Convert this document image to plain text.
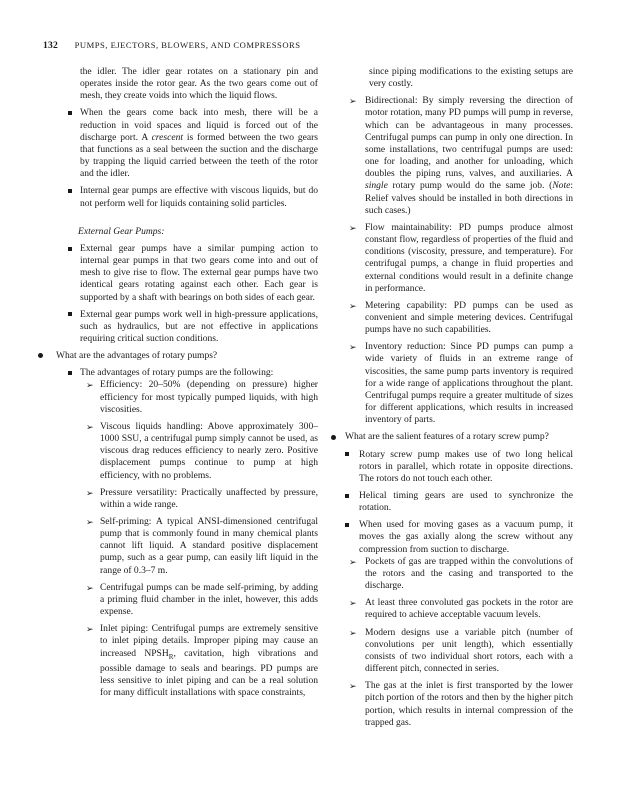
132 PUMPS, EJECTORS, BLOWERS, AND COMPRESSORS

the idler. The idler gear rotates on a stationary pin and operates inside the rotor gear. As the two gears come out of mesh, they create voids into which the liquid flows.

When the gears come back into mesh, there will be a reduction in void spaces and liquid is forced out of the discharge port. A crescent is formed between the two gears that functions as a seal between the suction and the discharge by trapping the liquid carried between the teeth of the rotor and the idler.
Internal gear pumps are effective with viscous liquids, but do not perform well for liquids containing solid particles.

External Gear Pumps:

External gear pumps have a similar pumping action to internal gear pumps in that two gears come into and out of mesh to give rise to flow. The external gear pumps have two identical gears rotating against each other. Each gear is supported by a shaft with bearings on both sides of each gear.
External gear pumps work well in high-pressure applications, such as hydraulics, but are not effective in applications requiring critical suction conditions.
What are the advantages of rotary pumps?
The advantages of rotary pumps are the following:
➢ Efficiency: 20–50% (depending on pressure) higher efficiency for most typically pumped liquids, with high viscosities.
➢ Viscous liquids handling: Above approximately 300–1000 SSU, a centrifugal pump simply cannot be used, as viscous drag reduces efficiency to nearly zero. Positive displacement pumps continue to pump at high efficiency, with no problems.
➢ Pressure versatility: Practically unaffected by pressure, within a wide range.
➢ Self-priming: A typical ANSI-dimensioned centrifugal pump that is commonly found in many chemical plants cannot lift liquid. A standard positive displacement pump, such as a gear pump, can easily lift liquid in the range of 0.3–7 m.
➢ Centrifugal pumps can be made self-priming, by adding a priming fluid chamber in the inlet, however, this adds expense.
➢ Inlet piping: Centrifugal pumps are extremely sensitive to inlet piping details. Improper piping may cause an increased $NPSH_R$, cavitation, high vibrations and possible damage to seals and bearings. PD pumps are less sensitive to inlet piping and can be a real solution for many difficult installations with space constraints,

since piping modifications to the existing setups are very costly.

➢ Bidirectional: By simply reversing the direction of motor rotation, many PD pumps will pump in reverse, which can be advantageous in many processes. Centrifugal pumps can pump in only one direction. In some installations, two centrifugal pumps are used: one for loading, and another for unloading, which doubles the piping runs, valves, and auxiliaries. A single rotary pump would do the same job. (Note: Relief valves should be installed in both directions in such cases.)
➢ Flow maintainability: PD pumps produce almost constant flow, regardless of properties of the fluid and conditions (viscosity, pressure, and temperature). For centrifugal pumps, a change in fluid properties and external conditions would result in a definite change in performance.
➢ Metering capability: PD pumps can be used as convenient and simple metering devices. Centrifugal pumps have no such capabilities.
➢ Inventory reduction: Since PD pumps can pump a wide variety of fluids in an extreme range of viscosities, the same pump parts inventory is required for a wide range of applications throughout the plant. Centrifugal pumps require a greater multitude of sizes for different applications, which results in increased inventory of parts.
What are the salient features of a rotary screw pump?
Rotary screw pump makes use of two long helical rotors in parallel, which rotate in opposite directions. The rotors do not touch each other.
Helical timing gears are used to synchronize the rotation.
When used for moving gases as a vacuum pump, it moves the gas axially along the screw without any compression from suction to discharge.
➢ Pockets of gas are trapped within the convolutions of the rotors and the casing and transported to the discharge.
➢ At least three convoluted gas pockets in the rotor are required to achieve acceptable vacuum levels.
➢ Modern designs use a variable pitch (number of convolutions per unit length), which essentially consists of two individual short rotors, each with a different pitch, connected in series.
➢ The gas at the inlet is first transported by the lower pitch portion of the rotors and then by the higher pitch portion, which results in internal compression of the trapped gas.
